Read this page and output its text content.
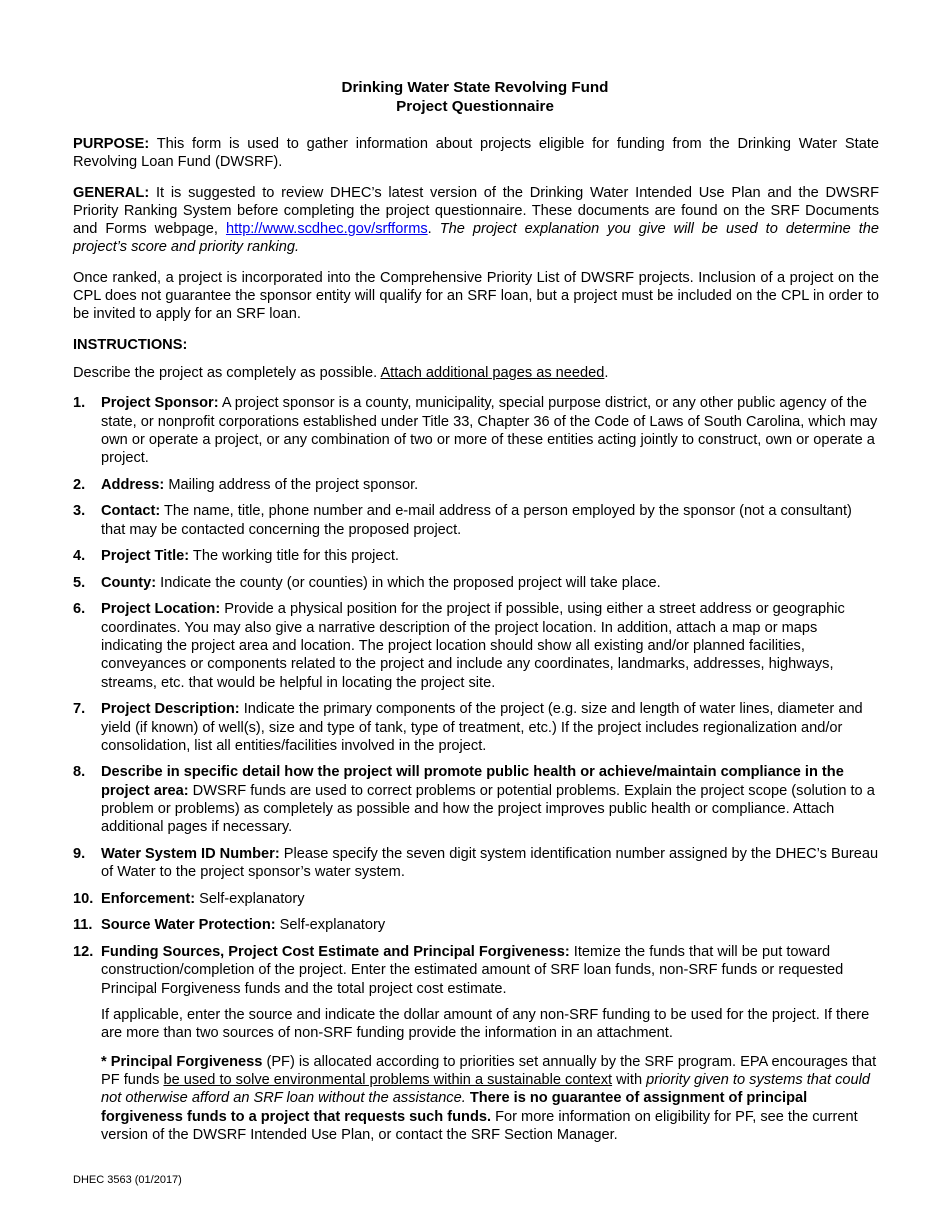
Drinking Water State Revolving Fund
Project Questionnaire
PURPOSE: This form is used to gather information about projects eligible for funding from the Drinking Water State Revolving Loan Fund (DWSRF).
GENERAL: It is suggested to review DHEC’s latest version of the Drinking Water Intended Use Plan and the DWSRF Priority Ranking System before completing the project questionnaire. These documents are found on the SRF Documents and Forms webpage, http://www.scdhec.gov/srfforms. The project explanation you give will be used to determine the project’s score and priority ranking.
Once ranked, a project is incorporated into the Comprehensive Priority List of DWSRF projects. Inclusion of a project on the CPL does not guarantee the sponsor entity will qualify for an SRF loan, but a project must be included on the CPL in order to be invited to apply for an SRF loan.
INSTRUCTIONS:
Describe the project as completely as possible. Attach additional pages as needed.
1.	Project Sponsor: A project sponsor is a county, municipality, special purpose district, or any other public agency of the state, or nonprofit corporations established under Title 33, Chapter 36 of the Code of Laws of South Carolina, which may own or operate a project, or any combination of two or more of these entities acting jointly to construct, own or operate a project.
2.	Address: Mailing address of the project sponsor.
3.	Contact: The name, title, phone number and e-mail address of a person employed by the sponsor (not a consultant) that may be contacted concerning the proposed project.
4.	Project Title: The working title for this project.
5.	County: Indicate the county (or counties) in which the proposed project will take place.
6.	Project Location: Provide a physical position for the project if possible, using either a street address or geographic coordinates. You may also give a narrative description of the project location. In addition, attach a map or maps indicating the project area and location. The project location should show all existing and/or planned facilities, conveyances or components related to the project and include any coordinates, landmarks, addresses, highways, streams, etc. that would be helpful in locating the project site.
7.	Project Description: Indicate the primary components of the project (e.g. size and length of water lines, diameter and yield (if known) of well(s), size and type of tank, type of treatment, etc.) If the project includes regionalization and/or consolidation, list all entities/facilities involved in the project.
8.	Describe in specific detail how the project will promote public health or achieve/maintain compliance in the project area: DWSRF funds are used to correct problems or potential problems. Explain the project scope (solution to a problem or problems) as completely as possible and how the project improves public health or compliance. Attach additional pages if necessary.
9.	Water System ID Number: Please specify the seven digit system identification number assigned by the DHEC’s Bureau of Water to the project sponsor’s water system.
10. Enforcement: Self-explanatory
11. Source Water Protection: Self-explanatory
12. Funding Sources, Project Cost Estimate and Principal Forgiveness: Itemize the funds that will be put toward construction/completion of the project. Enter the estimated amount of SRF loan funds, non-SRF funds or requested Principal Forgiveness funds and the total project cost estimate.
If applicable, enter the source and indicate the dollar amount of any non-SRF funding to be used for the project. If there are more than two sources of non-SRF funding provide the information in an attachment.
* Principal Forgiveness (PF) is allocated according to priorities set annually by the SRF program. EPA encourages that PF funds be used to solve environmental problems within a sustainable context with priority given to systems that could not otherwise afford an SRF loan without the assistance. There is no guarantee of assignment of principal forgiveness funds to a project that requests such funds. For more information on eligibility for PF, see the current version of the DWSRF Intended Use Plan, or contact the SRF Section Manager.
DHEC 3563 (01/2017)
